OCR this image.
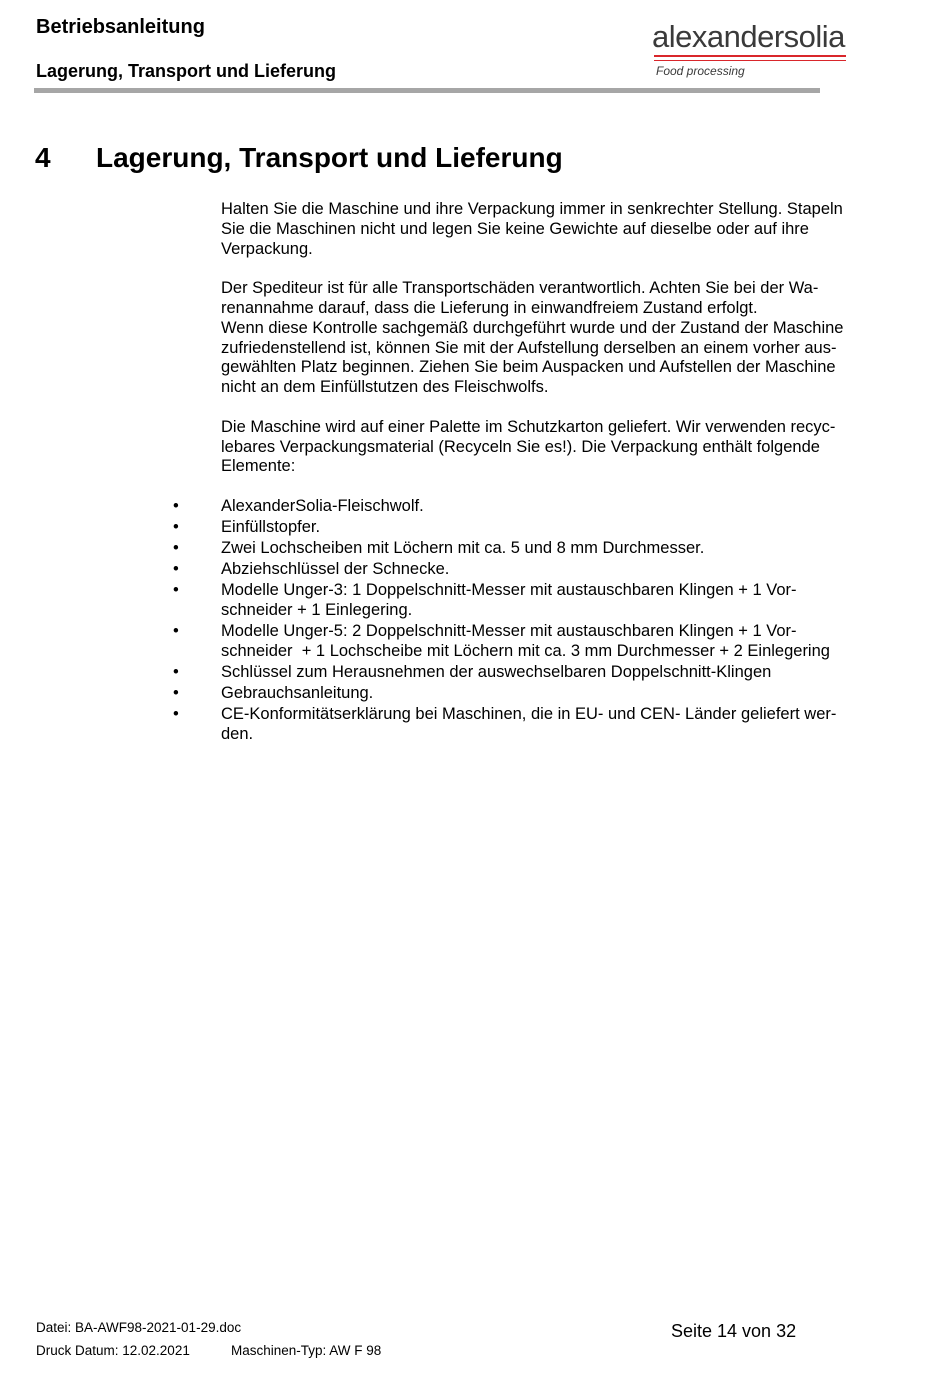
Betriebsanleitung
Lagerung, Transport und Lieferung
alexandersolia
Food processing
4 Lagerung, Transport und Lieferung

Halten Sie die Maschine und ihre Verpackung immer in senkrechter Stellung. Stapeln
Sie die Maschinen nicht und legen Sie keine Gewichte auf dieselbe oder auf ihre
Verpackung.

Der Spediteur ist für alle Transportschäden verantwortlich. Achten Sie bei der Wa-
renannahme darauf, dass die Lieferung in einwandfreiem Zustand erfolgt.

Wenn diese Kontrolle sachgemäß durchgeführt wurde und der Zustand der Maschine
zufriedenstellend ist, können Sie mit der Aufstellung derselben an einem vorher aus-
gewählten Platz beginnen. Ziehen Sie beim Auspacken und Aufstellen der Maschine
nicht an dem Einfüllstutzen des Fleischwolfs.

Die Maschine wird auf einer Palette im Schutzkarton geliefert. Wir verwenden recyc-
lebares Verpackungsmaterial (Recyceln Sie es!). Die Verpackung enthält folgende
Elemente:

•	AlexanderSolia-Fleischwolf.
•	Einfüllstopfer.
•	Zwei Lochscheiben mit Löchern mit ca. 5 und 8 mm Durchmesser.
•	Abziehschlüssel der Schnecke.
•	Modelle Unger-3: 1 Doppelschnitt-Messer mit austauschbaren Klingen + 1 Vor-
schneider + 1 Einlegering.
•	Modelle Unger-5: 2 Doppelschnitt-Messer mit austauschbaren Klingen + 1 Vor-
schneider  + 1 Lochscheibe mit Löchern mit ca. 3 mm Durchmesser + 2 Einlegering
•	Schlüssel zum Herausnehmen der auswechselbaren Doppelschnitt-Klingen
•	Gebrauchsanleitung.
•	CE-Konformitätserklärung bei Maschinen, die in EU- und CEN- Länder geliefert wer-
den.
Datei: BA-AWF98-2021-01-29.doc
Druck Datum: 12.02.2021	Maschinen-Typ: AW F 98
Seite 14 von 32
